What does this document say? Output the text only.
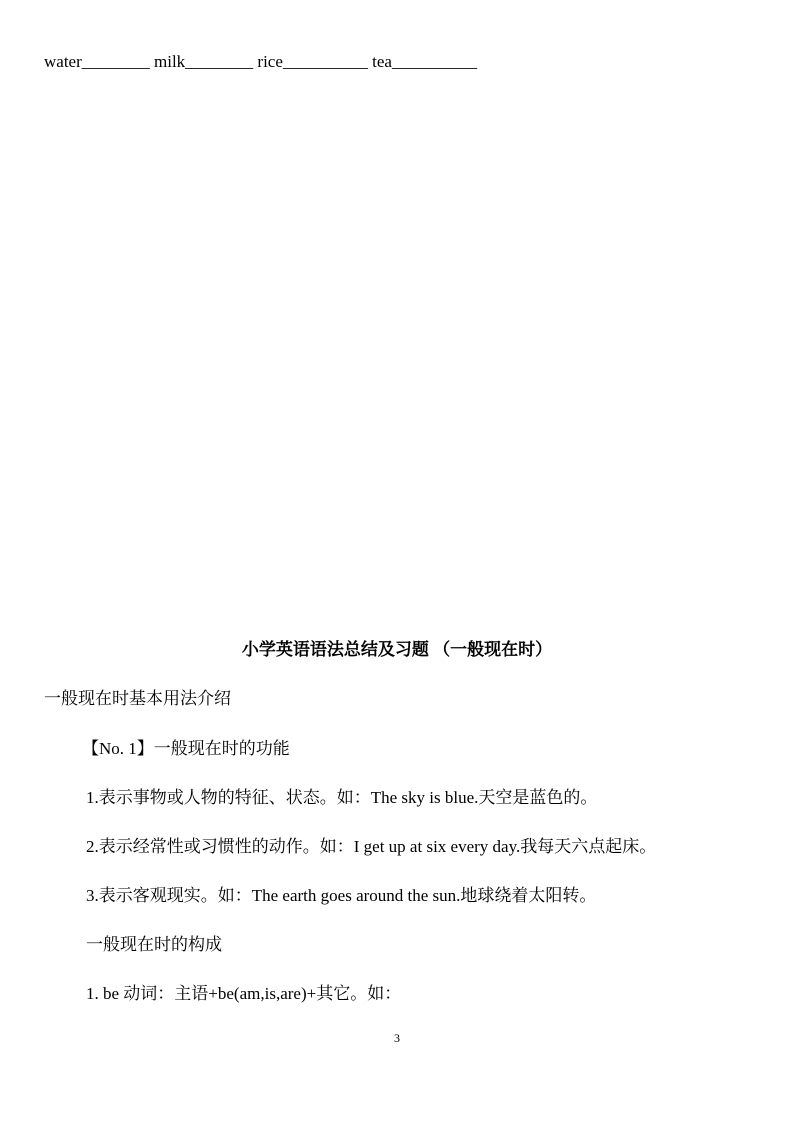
water________ milk________ rice__________ tea__________
小学英语语法总结及习题 （一般现在时）
一般现在时基本用法介绍
【No. 1】一般现在时的功能
1.表示事物或人物的特征、状态。如：The sky is blue.天空是蓝色的。
2.表示经常性或习惯性的动作。如：I get up at six every day.我每天六点起床。
3.表示客观现实。如：The earth goes around the sun.地球绕着太阳转。
一般现在时的构成
1. be 动词：主语+be(am,is,are)+其它。如：
3
